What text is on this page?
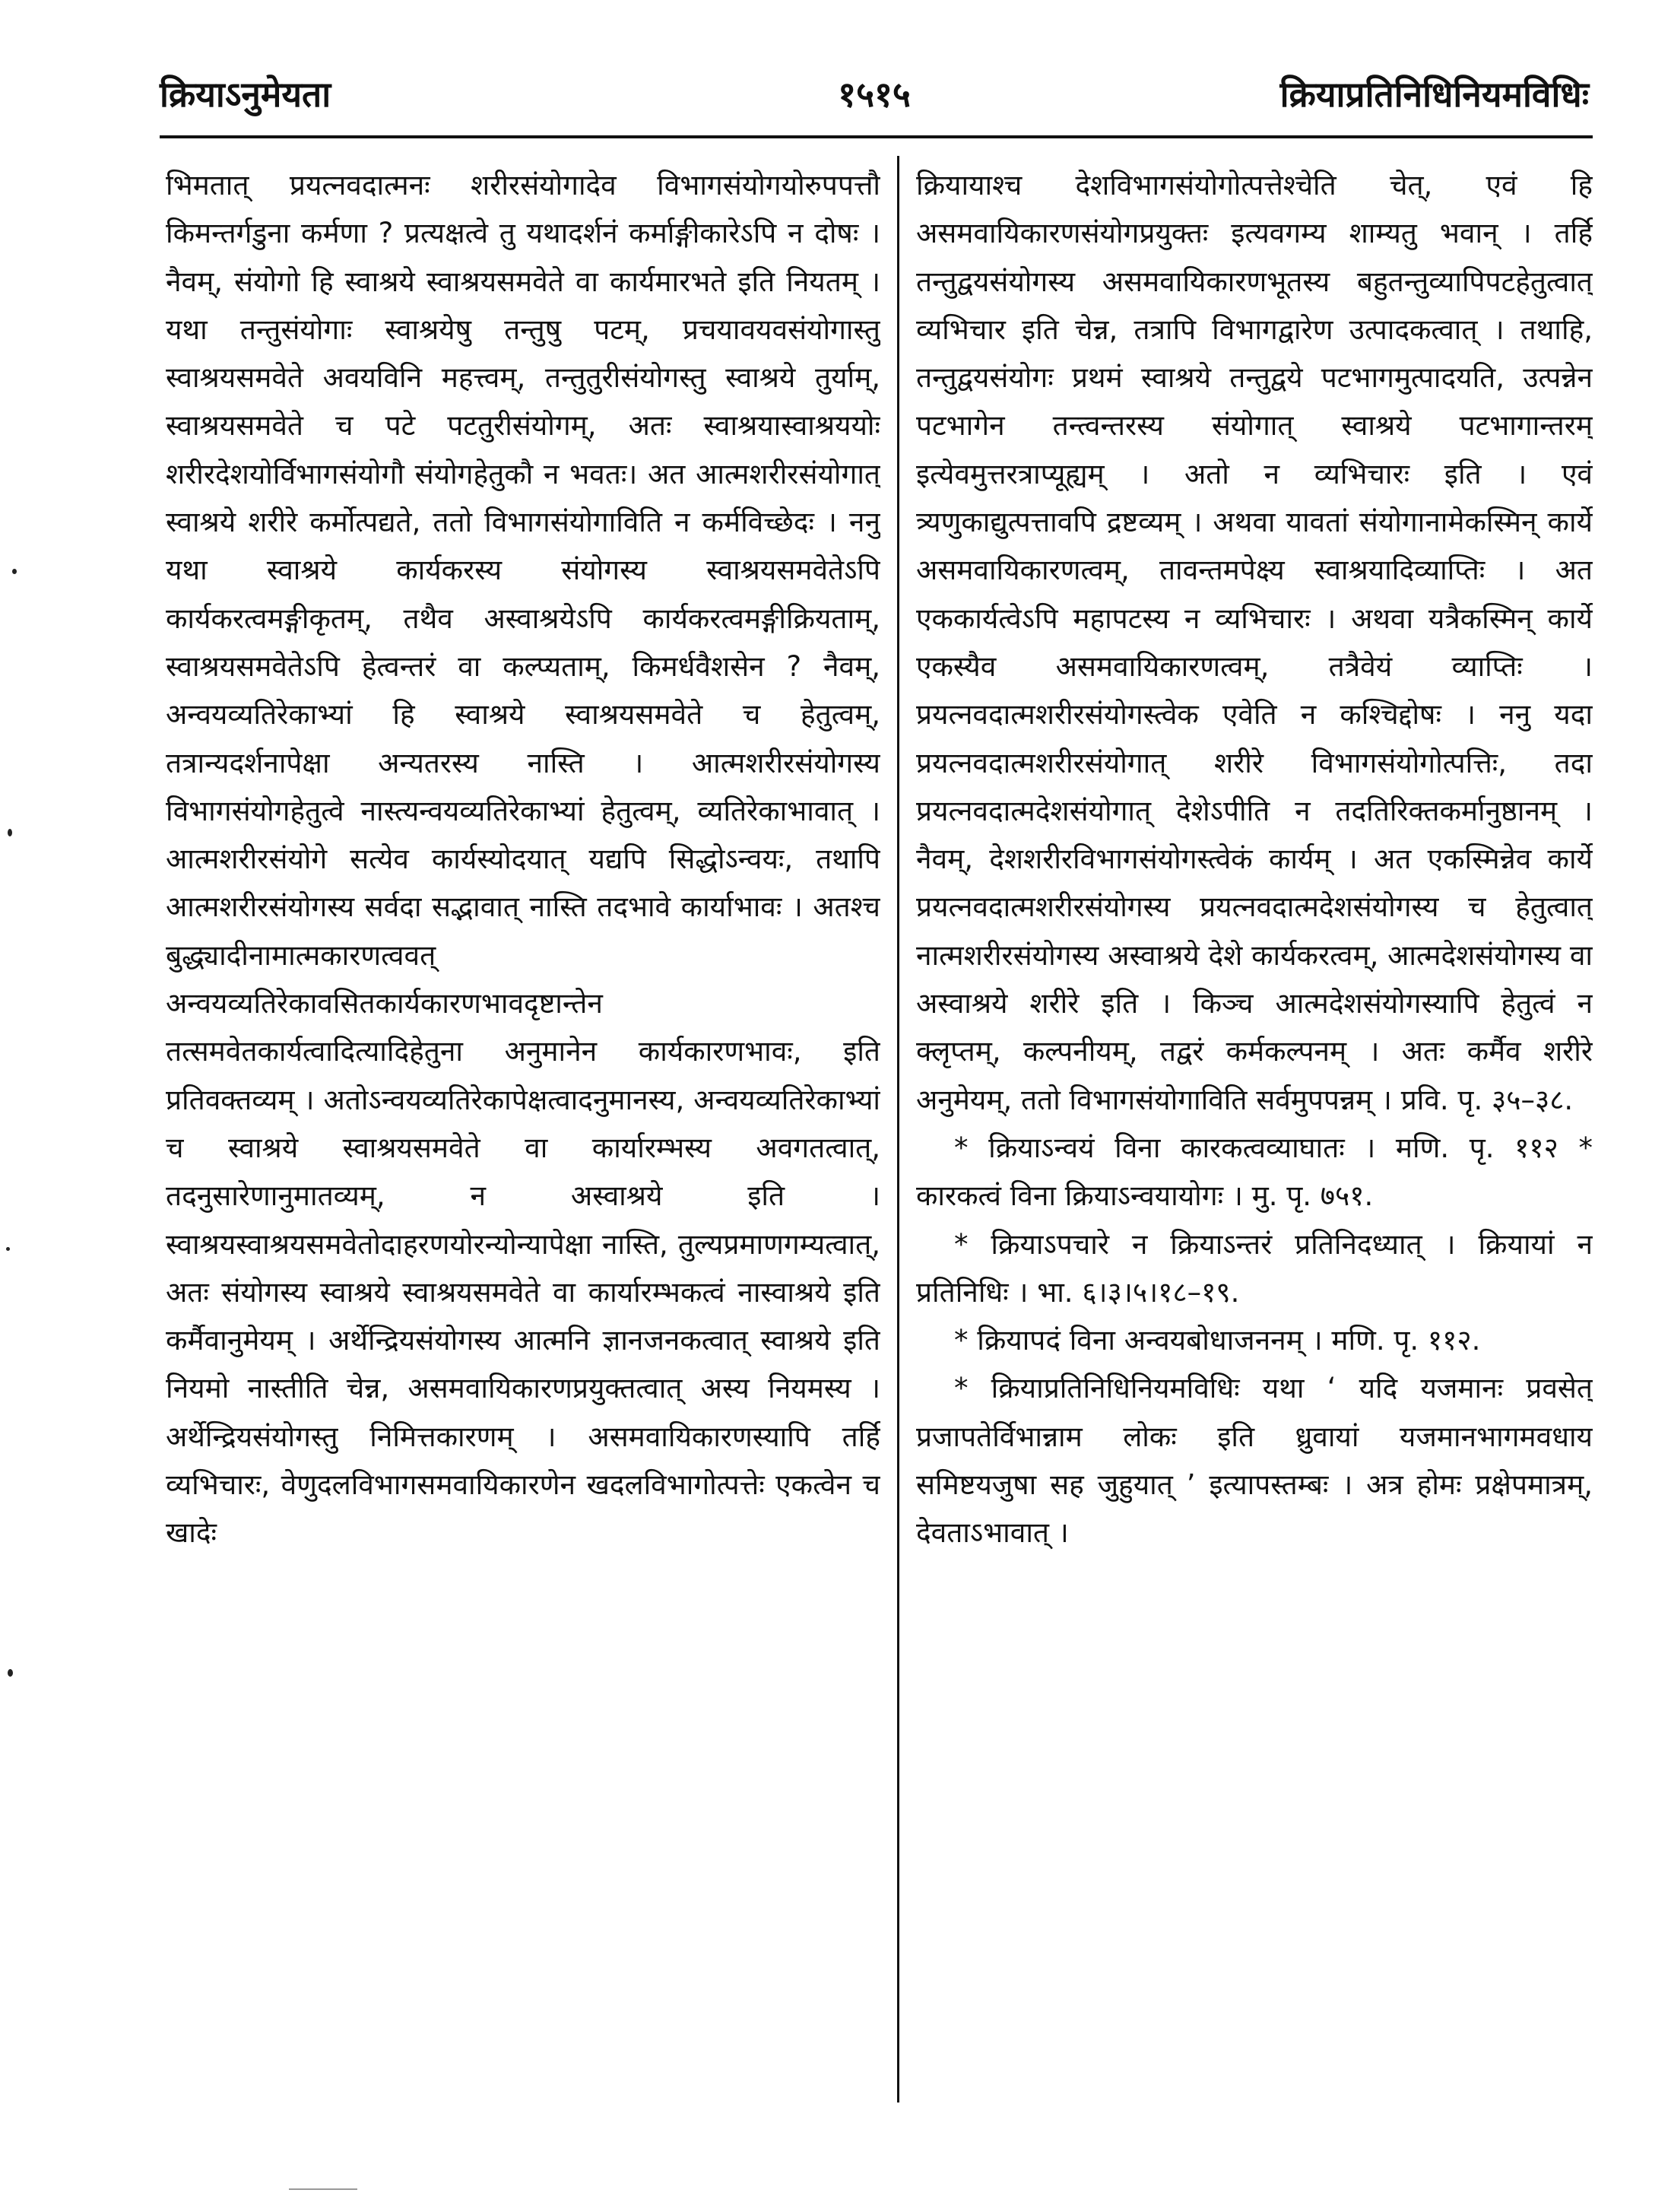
१५१५
क्रियाऽनुमेयता	क्रियाप्रतिनिधिनियमविधिः

भिमतात् प्रयत्नवदात्मनः शरीरसंयोगादेव विभागसंयोगयोरुपपत्तौ किमन्तर्गडुना कर्मणा ? प्रत्यक्षत्वे तु यथादर्शनं कर्माङ्गीकारेऽपि न दोषः । नैवम्, संयोगो हि स्वाश्रये स्वाश्रयसमवेते वा कार्यमारभते इति नियतम् । यथा तन्तुसंयोगाः स्वाश्रयेषु तन्तुषु पटम्, प्रचयावयवसंयोगास्तु स्वाश्रयसमवेते अवयविनि महत्त्वम्, तन्तुतुरीसंयोगस्तु स्वाश्रये तुर्याम्, स्वाश्रयसमवेते च पटे पटतुरीसंयोगम्, अतः स्वाश्रयास्वाश्रययोः शरीरदेशयोर्विभागसंयोगौ संयोगहेतुकौ न भवतः। अत आत्मशरीरसंयोगात् स्वाश्रये शरीरे कर्मोत्पद्यते, ततो विभागसंयोगाविति न कर्मविच्छेदः । ननु यथा स्वाश्रये कार्यकरस्य संयोगस्य स्वाश्रयसमवेतेऽपि कार्यकरत्वमङ्गीकृतम्, तथैव अस्वाश्रयेऽपि कार्यकरत्वमङ्गीक्रियताम्, स्वाश्रयसमवेतेऽपि हेत्वन्तरं वा कल्प्यताम्, किमर्धवैशसेन ? नैवम्, अन्वयव्यतिरेकाभ्यां हि स्वाश्रये स्वाश्रयसमवेते च हेतुत्वम्, तत्रान्यदर्शनापेक्षा अन्यतरस्य नास्ति । आत्मशरीरसंयोगस्य विभागसंयोगहेतुत्वे नास्त्यन्वयव्यतिरेकाभ्यां हेतुत्वम्, व्यतिरेकाभावात् । आत्मशरीरसंयोगे सत्येव कार्यस्योदयात् यद्यपि सिद्धोऽन्वयः, तथापि आत्मशरीरसंयोगस्य सर्वदा सद्भावात् नास्ति तदभावे कार्याभावः । अतश्च बुद्ध्यादीनामात्मकारणत्ववत् अन्वयव्यतिरेकावसितकार्यकारणभावदृष्टान्तेन तत्समवेतकार्यत्वादित्यादिहेतुना अनुमानेन कार्यकारणभावः, इति प्रतिवक्तव्यम् । अतोऽन्वयव्यतिरेकापेक्षत्वादनुमानस्य, अन्वयव्यतिरेकाभ्यां च स्वाश्रये स्वाश्रयसमवेते वा कार्यारम्भस्य अवगतत्वात्, तदनुसारेणानुमातव्यम्, न अस्वाश्रये इति । स्वाश्रयस्वाश्रयसमवेतोदाहरणयोरन्योन्यापेक्षा नास्ति, तुल्यप्रमाणगम्यत्वात्, अतः संयोगस्य स्वाश्रये स्वाश्रयसमवेते वा कार्यारम्भकत्वं नास्वाश्रये इति कर्मैवानुमेयम् । अर्थेन्द्रियसंयोगस्य आत्मनि ज्ञानजनकत्वात् स्वाश्रये इति नियमो नास्तीति चेन्न, असमवायिकारणप्रयुक्तत्वात् अस्य नियमस्य । अर्थेन्द्रियसंयोगस्तु निमित्तकारणम् । असमवायिकारणस्यापि तर्हि व्यभिचारः, वेणुदलविभागसमवायिकारणेन खदलविभागोत्पत्तेः एकत्वेन च खादेः

क्रियायाश्च देशविभागसंयोगोत्पत्तेश्चेति चेत्, एवं हि असमवायिकारणसंयोगप्रयुक्तः इत्यवगम्य शाम्यतु भवान् । तर्हि तन्तुद्वयसंयोगस्य असमवायिकारणभूतस्य बहुतन्तुव्यापिपटहेतुत्वात् व्यभिचार इति चेन्न, तत्रापि विभागद्वारेण उत्पादकत्वात् । तथाहि, तन्तुद्वयसंयोगः प्रथमं स्वाश्रये तन्तुद्वये पटभागमुत्पादयति, उत्पन्नेन पटभागेन तन्त्वन्तरस्य संयोगात् स्वाश्रये पटभागान्तरम् इत्येवमुत्तरत्राप्यूह्यम् । अतो न व्यभिचारः इति । एवं त्र्यणुकाद्युत्पत्तावपि द्रष्टव्यम् । अथवा यावतां संयोगानामेकस्मिन् कार्ये असमवायिकारणत्वम्, तावन्तमपेक्ष्य स्वाश्रयादिव्याप्तिः । अत एककार्यत्वेऽपि महापटस्य न व्यभिचारः । अथवा यत्रैकस्मिन् कार्ये एकस्यैव असमवायिकारणत्वम्, तत्रैवेयं व्याप्तिः । प्रयत्नवदात्मशरीरसंयोगस्त्वेक एवेति न कश्चिद्दोषः । ननु यदा प्रयत्नवदात्मशरीरसंयोगात् शरीरे विभागसंयोगोत्पत्तिः, तदा प्रयत्नवदात्मदेशसंयोगात् देशेऽपीति न तदतिरिक्तकर्मानुष्ठानम् । नैवम्, देशशरीरविभागसंयोगस्त्वेकं कार्यम् । अत एकस्मिन्नेव कार्ये प्रयत्नवदात्मशरीरसंयोगस्य प्रयत्नवदात्मदेशसंयोगस्य च हेतुत्वात् नात्मशरीरसंयोगस्य अस्वाश्रये देशे कार्यकरत्वम्, आत्मदेशसंयोगस्य वा अस्वाश्रये शरीरे इति । किञ्च आत्मदेशसंयोगस्यापि हेतुत्वं न क्लृप्तम्, कल्पनीयम्, तद्वरं कर्मकल्पनम् । अतः कर्मैव शरीरे अनुमेयम्, ततो विभागसंयोगाविति सर्वमुपपन्नम् । प्रवि. पृ. ३५–३८.

* क्रियाऽन्वयं विना कारकत्वव्याघातः । मणि. पृ. ११२ * कारकत्वं विना क्रियाऽन्वयायोगः । मु. पृ. ७५१.

* क्रियाऽपचारे न क्रियाऽन्तरं प्रतिनिदध्यात् । क्रियायां न प्रतिनिधिः । भा. ६।३।५।१८–१९.

* क्रियापदं विना अन्वयबोधाजननम् । मणि. पृ. ११२.

* क्रियाप्रतिनिधिनियमविधिः यथा ‘ यदि यजमानः प्रवसेत् प्रजापतेर्विभान्नाम लोकः इति ध्रुवायां यजमानभागमवधाय समिष्टयजुषा सह जुहुयात् ’ इत्यापस्तम्बः । अत्र होमः प्रक्षेपमात्रम्, देवताऽभावात् ।
